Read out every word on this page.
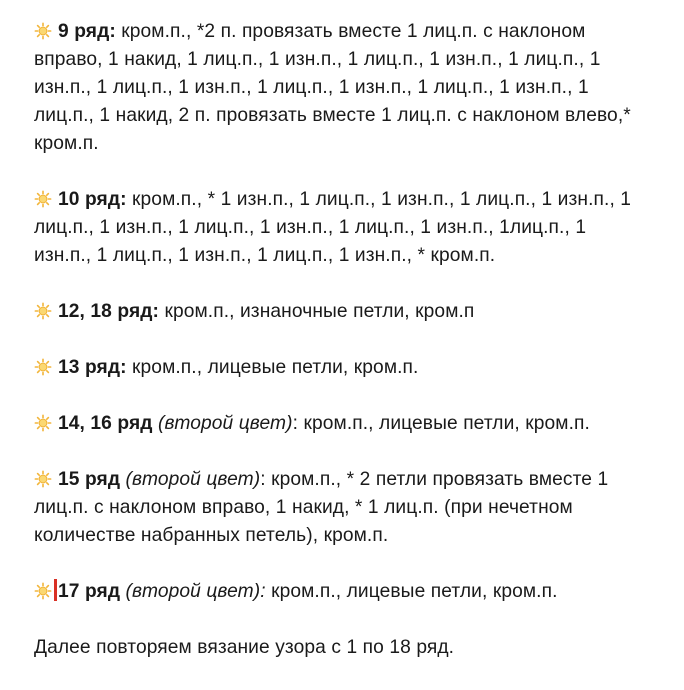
9 ряд: кром.п., *2 п. провязать вместе 1 лиц.п. с наклоном вправо, 1 накид, 1 лиц.п., 1 изн.п., 1 лиц.п., 1 изн.п., 1 лиц.п., 1 изн.п., 1 лиц.п., 1 изн.п., 1 лиц.п., 1 изн.п., 1 лиц.п., 1 изн.п., 1 лиц.п., 1 накид, 2 п. провязать вместе 1 лиц.п. с наклоном влево,* кром.п.

10 ряд: кром.п., * 1 изн.п., 1 лиц.п., 1 изн.п., 1 лиц.п., 1 изн.п., 1 лиц.п., 1 изн.п., 1 лиц.п., 1 изн.п., 1 лиц.п., 1 изн.п., 1лиц.п., 1 изн.п., 1 лиц.п., 1 изн.п., 1 лиц.п., 1 изн.п., * кром.п.

12, 18 ряд: кром.п., изнаночные петли, кром.п

13 ряд: кром.п., лицевые петли, кром.п.

14, 16 ряд (второй цвет): кром.п., лицевые петли, кром.п.

15 ряд (второй цвет): кром.п., * 2 петли провязать вместе 1 лиц.п. с наклоном вправо, 1 накид, * 1 лиц.п. (при нечетном количестве набранных петель), кром.п.

17 ряд (второй цвет): кром.п., лицевые петли, кром.п.

Далее повторяем вязание узора с 1 по 18 ряд.
